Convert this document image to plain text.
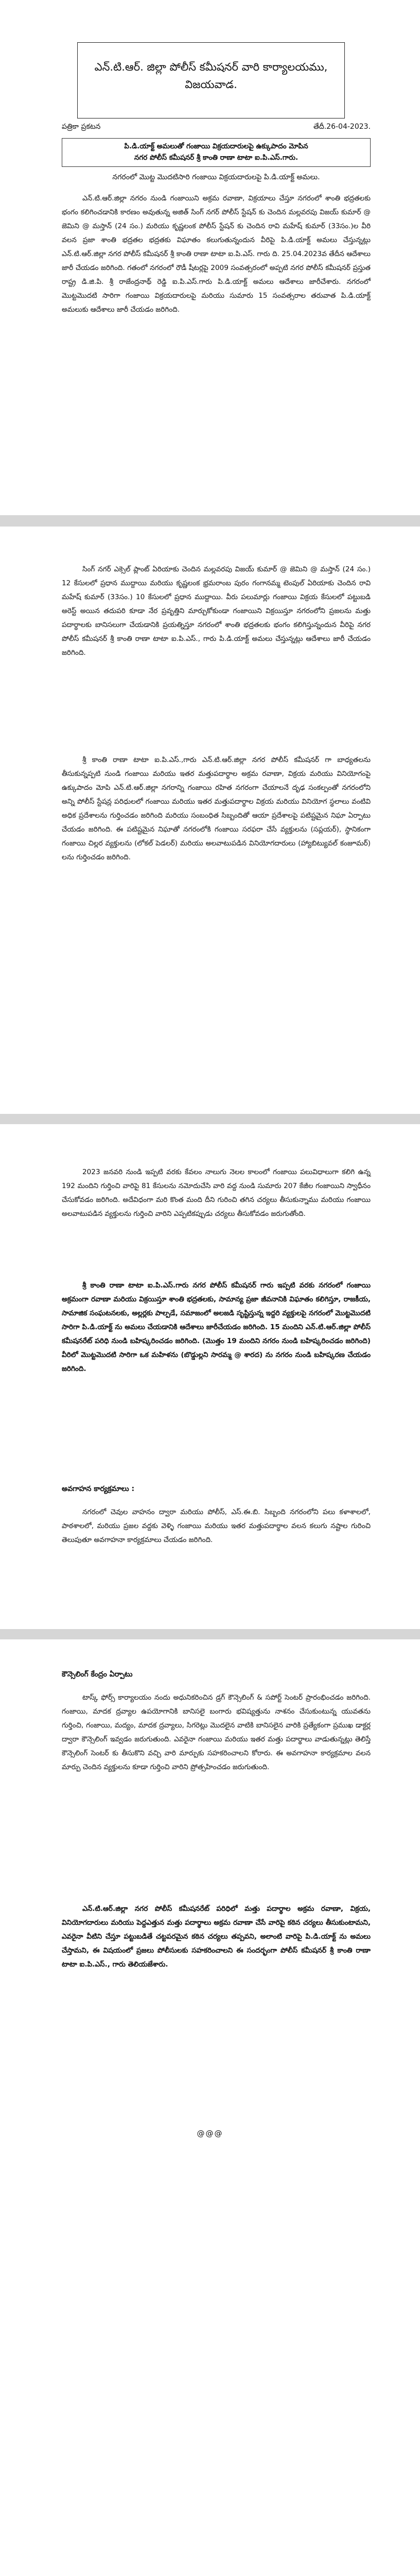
ఎన్.టి.ఆర్. జిల్లా పోలీస్ కమీషనర్ వారి కార్యాలయము,
విజయవాడ.
పత్రికా ప్రకటన	తేదీ.26-04-2023.
పి.డి.యాక్ట్ అమలుతో గంజాయి విక్రయదారులపై ఉక్కుపాదం మోపిన
నగర పోలీస్ కమీషనర్ శ్రీ కాంతి రాణా టాటా ఐ.పి.ఎస్.గారు.
నగరంలో మొట్ట మొదటిసారి గంజాయి విక్రయదారులపై పి.డి.యాక్ట్ అమలు.
ఎన్.టి.ఆర్.జిల్లా నగరం నుండి గంజాయిని అక్రమ రవాణా, విక్రయాలు చేస్తూ నగరంలో శాంతి భద్రతలకు భంగం కలిగించడానికి కారణం అవుతున్న అజిత్ సింగ్ నగర్ పోలీస్ స్టేషన్ కు చెందిన మల్లవరపు విజయ్ కుమార్ @ జెమిని @ మస్తాన్ (24 సం.) మరియు కృష్ణలంక పోలీస్ స్టేషన్ కు చెందిన రావి మహేష్ కుమార్ (33సం.)ల వీరి వలన ప్రజా శాంతి భద్రతల భద్రతకు విఘాతం కలుగుతున్నందున వీరిపై పి.డి.యాక్ట్ అమలు చేస్తున్నట్లు ఎన్.టి.ఆర్.జిల్లా నగర పోలీస్ కమీషనర్ శ్రీ కాంతి రాణా టాటా ఐ.పి.ఎస్. గారు ది. 25.04.2023వ తేదీన ఆదేశాలు జారీ చేయడం జరిగింది. గతంలో నగరంలో రౌడీ షీటర్లపై 2009 సంవత్సరంలో అప్పటి నగర పోలీస్ కమీషనర్ ప్రస్తుత రాష్ట్ర డి.జి.పి. శ్రీ రాజేంద్రనాథ్ రెడ్డి ఐ.పి.ఎస్.గారు పి.డి.యాక్ట్ అమలు ఆదేశాలు జారీచేశారు. నగరంలో మొట్టమొదటి సారిగా గంజాయి విక్రయదారులపై మరియు సుమారు 15 సంవత్సరాల తరువాత పి.డి.యాక్ట్ అమలుకు ఆదేశాలు జారీ చేయడం జరిగింది.
సింగ్ నగర్ ఎక్సెల్ ప్లాంట్ ఏరియాకు చెందిన మల్లవరపు విజయ్ కుమార్ @ జెమిని @ మస్తాన్ (24 సం.) 12 కేసులలో ప్రధాన ముద్దాయి మరియు కృష్ణలంక భ్రమరాంబ పురం గంగానమ్మ టెంపుల్ ఏరియాకు చెందిన రావి మహేష్ కుమార్ (33సం.) 10 కేసులలో ప్రధాన ముద్దాయి. వీరు పలుమార్లు గంజాయి విక్రయ కేసులలో పట్టుబడి అరెస్ట్ అయిన తదుపరి కూడా నేర ప్రవృత్తిని మార్చుకోకుండా గంజాయిని విక్రయిస్తూ నగరంలోని ప్రజలను మత్తు పదార్థాలకు బానిసలుగా చేయడానికి ప్రయత్నిస్తూ నగరంలో శాంతి భద్రతలకు భంగం కలిగిస్తున్నందున వీరిపై నగర పోలీస్ కమీషనర్ శ్రీ కాంతి రాణా టాటా ఐ.పి.ఎస్., గారు పి.డి.యాక్ట్ అమలు చేస్తున్నట్లు ఆదేశాలు జారీ చేయడం జరిగింది.
శ్రీ కాంతి రాణా టాటా ఐ.పి.ఎస్.,గారు ఎన్.టి.ఆర్.జిల్లా నగర పోలీస్ కమీషనర్ గా బాధ్యతలను తీసుకున్నప్పటి నుండి గంజాయి మరియు ఇతర మత్తుపదార్థాల అక్రమ రవాణా, విక్రయ మరియు వినియోగంపై ఉక్కుపాదం మోపి ఎన్.టి.ఆర్.జిల్లా నగరాన్ని గంజాయి రహిత నగరంగా చేయాలనే దృఢ సంకల్పంతో నగరంలోని అన్ని పోలీస్ స్టేషన్ల పరిధులలో గంజాయి మరియు ఇతర మత్తుపదార్థాల విక్రయ మరియు వినియోగ స్థలాలు వంటివి అధిక ప్రదేశాలను గుర్తించడం జరిగింది మరియు సంబంధిత సిబ్బందితో ఆయా ప్రదేశాలపై పటిష్టమైన నిఘా ఏర్పాటు చేయడం జరిగింది. ఈ పటిష్టమైన నిఘాతో నగరంలోకి గంజాయి సరఫరా చేసే వ్యక్తులను (సప్లయర్), స్థానికంగా గంజాయి చిల్లర వ్యక్తులను (లోకల్ పెడలర్) మరియు అలవాటుపడిన వినియోగదారులు (హ్యాబిట్యువల్ కంజూమర్) లను గుర్తించడం జరిగింది.
2023 జనవరి నుండి ఇప్పటి వరకు కేవలం నాలుగు నెలల కాలంలో గంజాయి పలువిధాలుగా కలిగి ఉన్న 192 మందిని గుర్తించి వారిపై 81 కేసులను నమోదుచేసి వారి వద్ద నుండి సుమారు 207 కేజీల గంజాయిని స్వాధీనం చేసుకోవడం జరిగింది. అదేవిధంగా మరి కొంత మంది దీని గురించి తగిన చర్యలు తీసుకున్నాము మరియు గంజాయి అలవాటుపడిన వ్యక్తులను గుర్తించి వారిని ఎప్పటికప్పుడు చర్యలు తీసుకోవడం జరుగుతోంది.
శ్రీ కాంతి రాణా టాటా ఐ.పి.ఎస్.గారు నగర పోలీస్ కమీషనర్ గారు ఇప్పటి వరకు నగరంలో గంజాయి అక్రమంగా రవాణా మరియు విక్రయిస్తూ శాంతి భద్రతలకు, సామాన్య ప్రజా జీవనానికి విఘాతం కలిగిస్తూ, రాజకీయ, సామాజిక సంఘటనలకు, అల్లర్లకు పాల్పడే, సమాజంలో అలజడి సృష్టిస్తున్న ఇద్దరి వ్యక్తులపై నగరంలో మొట్టమొదటి సారిగా పి.డి.యాక్ట్ ను అమలు చేయడానికి ఆదేశాలు జారీచేయడం జరిగింది. 15 మందిని ఎన్.టి.ఆర్.జిల్లా పోలీస్ కమీషనరేట్ పరిధి నుండి బహిష్కరించడం జరిగింది. (మొత్తం 19 మందిని నగరం నుండి బహిష్కరించడం జరిగింది) వీరిలో మొట్టమొదటి సారిగా ఒక మహిళను (బొడ్డుల్లని సారమ్మ @ శారద) ను నగరం నుండి బహిష్కరణ చేయడం జరిగింది.
అవగాహన కార్యక్రమాలు :
నగరంలో చెవుల వాహనం ద్వారా మరియు పోలీస్, ఎస్.ఈ.బి. సిబ్బంది నగరంలోని పలు కళాశాలలో, పాఠశాలలో, మరియు ప్రజల వద్దకు వెళ్ళి గంజాయి మరియు ఇతర మత్తుపదార్థాల వలన కలుగు నష్టాల గురించి తెలుపుతూ అవగాహనా కార్యక్రమాలు చేయడం జరిగింది.
కౌన్సెలింగ్ కేంద్రం ఏర్పాటు
టాస్క్ ఫోర్స్ కార్యాలయం నందు అధునికరించిన డ్రగ్ కౌన్సెలింగ్ & సపోర్ట్ సెంటర్ ప్రారంభించడం జరిగింది. గంజాయి, మాదక ద్రవ్యాల ఉపయోగానికి బానిసలై బంగారు భవిష్యత్తును నాశనం చేసుకుంటున్న యువతను గుర్తించి, గంజాయి, మద్యం, మాదక ద్రవ్యాలు, సిగరెట్లు మొదలైన వాటికి బానిసలైన వారికి ప్రత్యేకంగా ప్రముఖ డాక్టర్ల ద్వారా కౌన్సెలింగ్ ఇవ్వడం జరుగుతుంది. ఎవరైనా గంజాయి మరియు ఇతర మత్తు పదార్థాలు వాడుతున్నట్లు తెలిస్తే కౌన్సెలింగ్ సెంటర్ కు తీసుకొని వచ్చి వారి మార్పుకు సహకరించాలని కోరారు. ఈ అవగాహనా కార్యక్రమాల వలన మార్పు చెందిన వ్యక్తులను కూడా గుర్తించి వారిని ప్రోత్సహించడం జరుగుతుంది.
ఎన్.టి.ఆర్.జిల్లా నగర పోలీస్ కమీషనరేట్ పరిధిలో మత్తు పదార్థాల అక్రమ రవాణా, విక్రయ, వినియోగదారులు మరియు పెద్దఎత్తున మత్తు పదార్థాలు అక్రమ రవాణా చేసే వారిపై కఠిన చర్యలు తీసుకుంటామని, ఎవరైనా వీటిని చేస్తూ పట్టుబడితే చట్టపరమైన కఠిన చర్యలు తప్పవని, అలాంటి వారిపై పి.డి.యాక్ట్ ను అమలు చేస్తామని, ఈ విషయంలో ప్రజలు పోలీసులకు సహకరించాలని ఈ సందర్భంగా పోలీస్ కమీషనర్ శ్రీ కాంతి రాణా టాటా ఐ.పి.ఎస్., గారు తెలియజేశారు.
@@@
